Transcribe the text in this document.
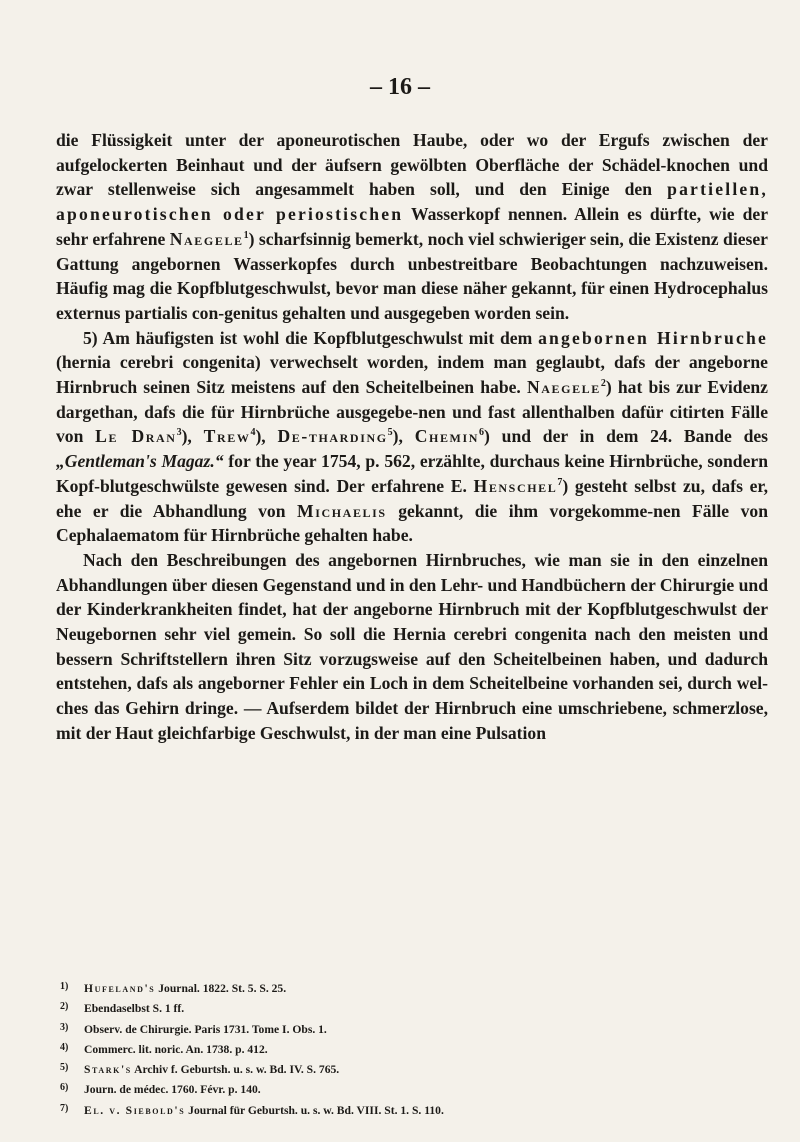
– 16 –

die Flüssigkeit unter der aponeurotischen Haube, oder wo der Ergufs zwischen der aufgelockerten Beinhaut und der äufsern gewölbten Oberfläche der Schädel-knochen und zwar stellenweise sich angesammelt haben soll, und den Einige den partiellen, aponeurotischen oder periostischen Wasserkopf nennen. Allein es dürfte, wie der sehr erfahrene Naegele$^1$) scharfsinnig bemerkt, noch viel schwieriger sein, die Existenz dieser Gattung angebornen Wasserkopfes durch unbestreitbare Beobachtungen nachzuweisen. Häufig mag die Kopfblutgeschwulst, bevor man diese näher gekannt, für einen Hydrocephalus externus partialis con-genitus gehalten und ausgegeben worden sein.

5) Am häufigsten ist wohl die Kopfblutgeschwulst mit dem angebornen Hirnbruche (hernia cerebri congenita) verwechselt worden, indem man geglaubt, dafs der angeborne Hirnbruch seinen Sitz meistens auf den Scheitelbeinen habe. Naegele$^2$) hat bis zur Evidenz dargethan, dafs die für Hirnbrüche ausgegebe-nen und fast allenthalben dafür citirten Fälle von Le Dran$^3$), Trew$^4$), De-tharding$^5$), Chemin$^6$) und der in dem 24. Bande des „Gentleman's Magaz.“ for the year 1754, p. 562, erzählte, durchaus keine Hirnbrüche, sondern Kopf-blutgeschwülste gewesen sind. Der erfahrene E. Henschel$^7$) gesteht selbst zu, dafs er, ehe er die Abhandlung von Michaelis gekannt, die ihm vorgekomme-nen Fälle von Cephalaematom für Hirnbrüche gehalten habe.

Nach den Beschreibungen des angebornen Hirnbruches, wie man sie in den einzelnen Abhandlungen über diesen Gegenstand und in den Lehr- und Handbüchern der Chirurgie und der Kinderkrankheiten findet, hat der angeborne Hirnbruch mit der Kopfblutgeschwulst der Neugebornen sehr viel gemein. So soll die Hernia cerebri congenita nach den meisten und bessern Schriftstellern ihren Sitz vorzugsweise auf den Scheitelbeinen haben, und dadurch entstehen, dafs als angeborner Fehler ein Loch in dem Scheitelbeine vorhanden sei, durch wel-ches das Gehirn dringe. — Aufserdem bildet der Hirnbruch eine umschriebene, schmerzlose, mit der Haut gleichfarbige Geschwulst, in der man eine Pulsation

1) Hufeland's Journal. 1822. St. 5. S. 25.
2) Ebendaselbst S. 1 ff.
3) Observ. de Chirurgie. Paris 1731. Tome I. Obs. 1.
4) Commerc. lit. noric. An. 1738. p. 412.
5) Stark's Archiv f. Geburtsh. u. s. w. Bd. IV. S. 765.
6) Journ. de médec. 1760. Févr. p. 140.
7) El. v. Siebold's Journal für Geburtsh. u. s. w. Bd. VIII. St. 1. S. 110.
